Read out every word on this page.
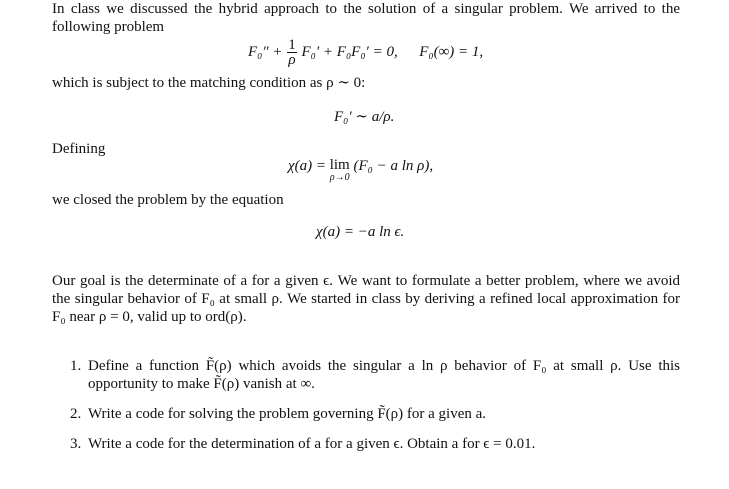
In class we discussed the hybrid approach to the solution of a singular problem. We arrived to the following problem
$F_0'' + \frac{1}{\rho} F_0' + F_0F_0' = 0$, F₀(∞) = 1,
which is subject to the matching condition as ρ ∼ 0:
F₀′ ∼ a/ρ.
Defining
χ(a) = lim
ρ→0
(F₀ − a ln ρ),
we closed the problem by the equation
χ(a) = −a ln ϵ.
Our goal is the determinate of a for a given ϵ. We want to formulate a better problem, where we avoid the singular behavior of F₀ at small ρ. We started in class by deriving a refined local approximation for F₀ near ρ = 0, valid up to ord(ρ).
1. Define a function F̃(ρ) which avoids the singular a ln ρ behavior of F₀ at small ρ. Use this opportunity to make F̃(ρ) vanish at ∞.
2. Write a code for solving the problem governing F̃(ρ) for a given a.
3. Write a code for the determination of a for a given ϵ. Obtain a for ϵ = 0.01.
